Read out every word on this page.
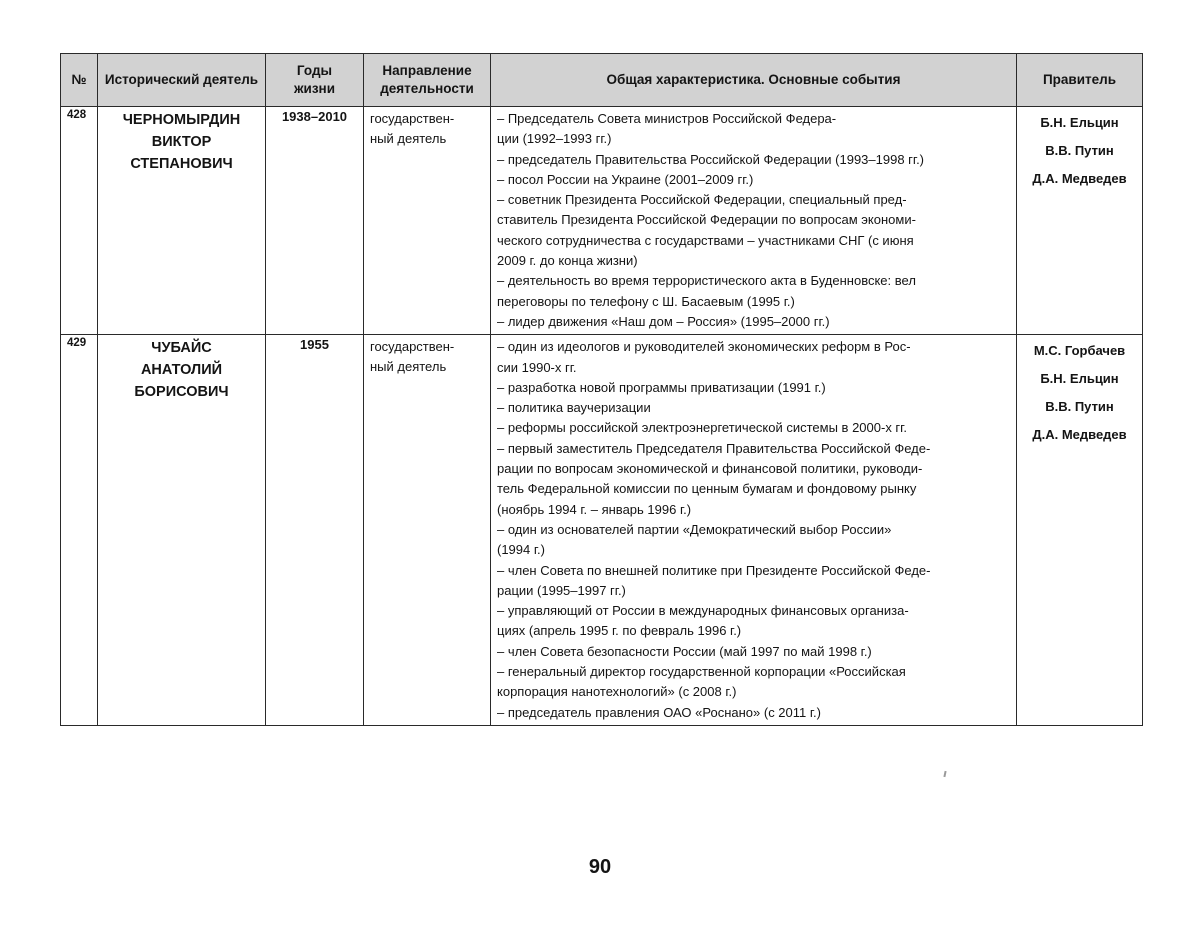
№	Исторический деятель	Годы
жизни	Направление
деятельности	Общая характеристика. Основные события	Правитель
428	ЧЕРНОМЫРДИН
ВИКТОР
СТЕПАНОВИЧ	1938–2010	государствен-
ный деятель	
– Председатель Совета министров Российской Федера-
ции (1992–1993 гг.)
– председатель Правительства Российской Федерации (1993–1998 гг.)
– посол России на Украине (2001–2009 гг.)
– советник Президента Российской Федерации, специальный пред-
ставитель Президента Российской Федерации по вопросам экономи-
ческого сотрудничества с государствами – участниками СНГ (с июня
2009 г. до конца жизни)
– деятельность во время террористического акта в Буденновске: вел
переговоры по телефону с Ш. Басаевым (1995 г.)
– лидер движения «Наш дом – Россия» (1995–2000 гг.)

Б.Н. Ельцин
В.В. Путин
Д.А. Медведев

429	ЧУБАЙС
АНАТОЛИЙ
БОРИСОВИЧ	1955	государствен-
ный деятель	
– один из идеологов и руководителей экономических реформ в Рос-
сии 1990-х гг.
– разработка новой программы приватизации (1991 г.)
– политика ваучеризации
– реформы российской электроэнергетической системы в 2000-х гг.
– первый заместитель Председателя Правительства Российской Феде-
рации по вопросам экономической и финансовой политики, руководи-
тель Федеральной комиссии по ценным бумагам и фондовому рынку
(ноябрь 1994 г. – январь 1996 г.)
– один из основателей партии «Демократический выбор России»
(1994 г.)
– член Совета по внешней политике при Президенте Российской Феде-
рации (1995–1997 гг.)
– управляющий от России в международных финансовых организа-
циях (апрель 1995 г. по февраль 1996 г.)
– член Совета безопасности России (май 1997 по май 1998 г.)
– генеральный директор государственной корпорации «Российская
корпорация нанотехнологий» (с 2008 г.)
– председатель правления ОАО «Роснано» (с 2011 г.)

М.С. Горбачев
Б.Н. Ельцин
В.В. Путин
Д.А. Медведев
90
